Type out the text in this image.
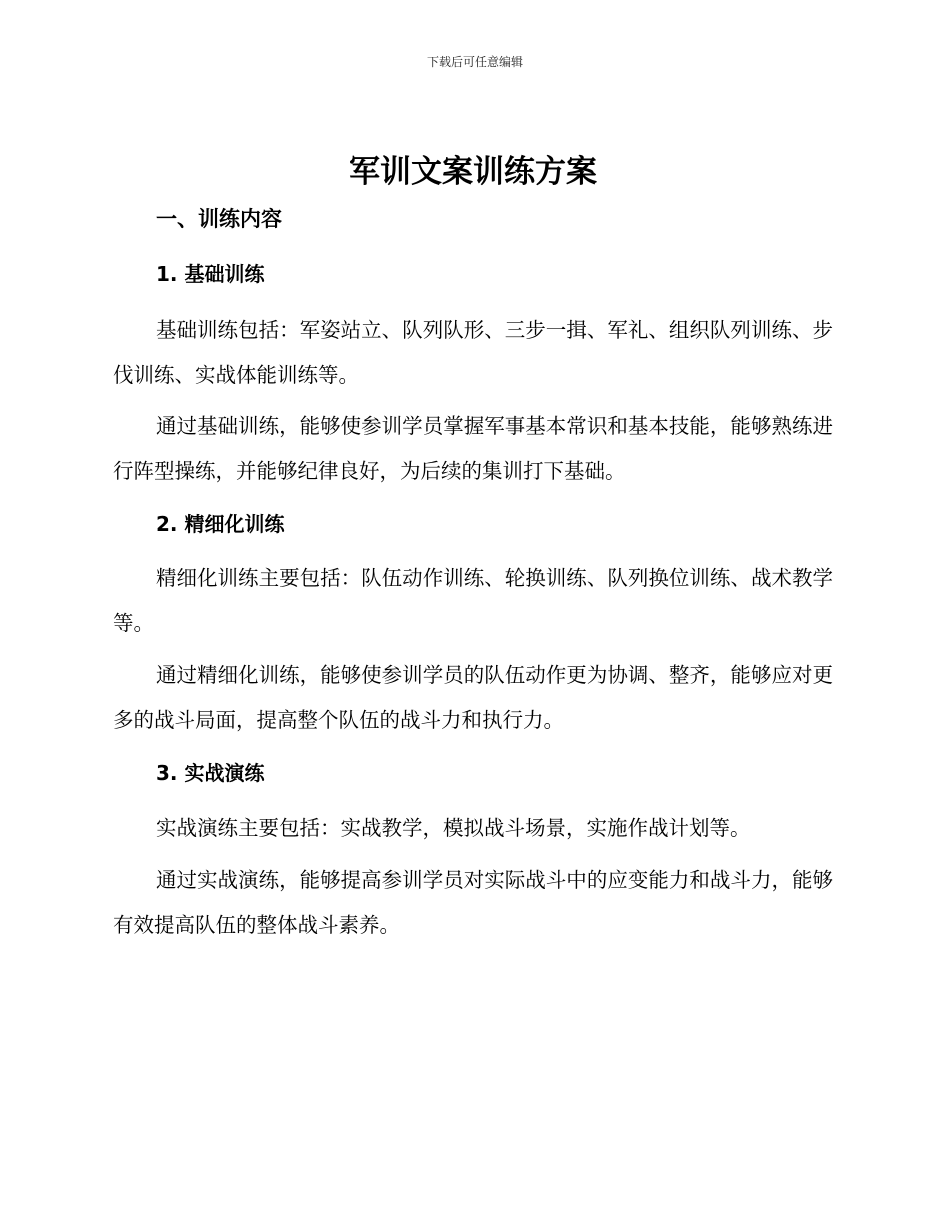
下载后可任意编辑
军训文案训练方案
一、训练内容
1. 基础训练

基础训练包括：军姿站立、队列队形、三步一揖、军礼、组织队列训练、步伐训练、实战体能训练等。

通过基础训练，能够使参训学员掌握军事基本常识和基本技能，能够熟练进行阵型操练，并能够纪律良好，为后续的集训打下基础。

2. 精细化训练

精细化训练主要包括：队伍动作训练、轮换训练、队列换位训练、战术教学等。

通过精细化训练，能够使参训学员的队伍动作更为协调、整齐，能够应对更多的战斗局面，提高整个队伍的战斗力和执行力。

3. 实战演练

实战演练主要包括：实战教学，模拟战斗场景，实施作战计划等。

通过实战演练，能够提高参训学员对实际战斗中的应变能力和战斗力，能够有效提高队伍的整体战斗素养。
